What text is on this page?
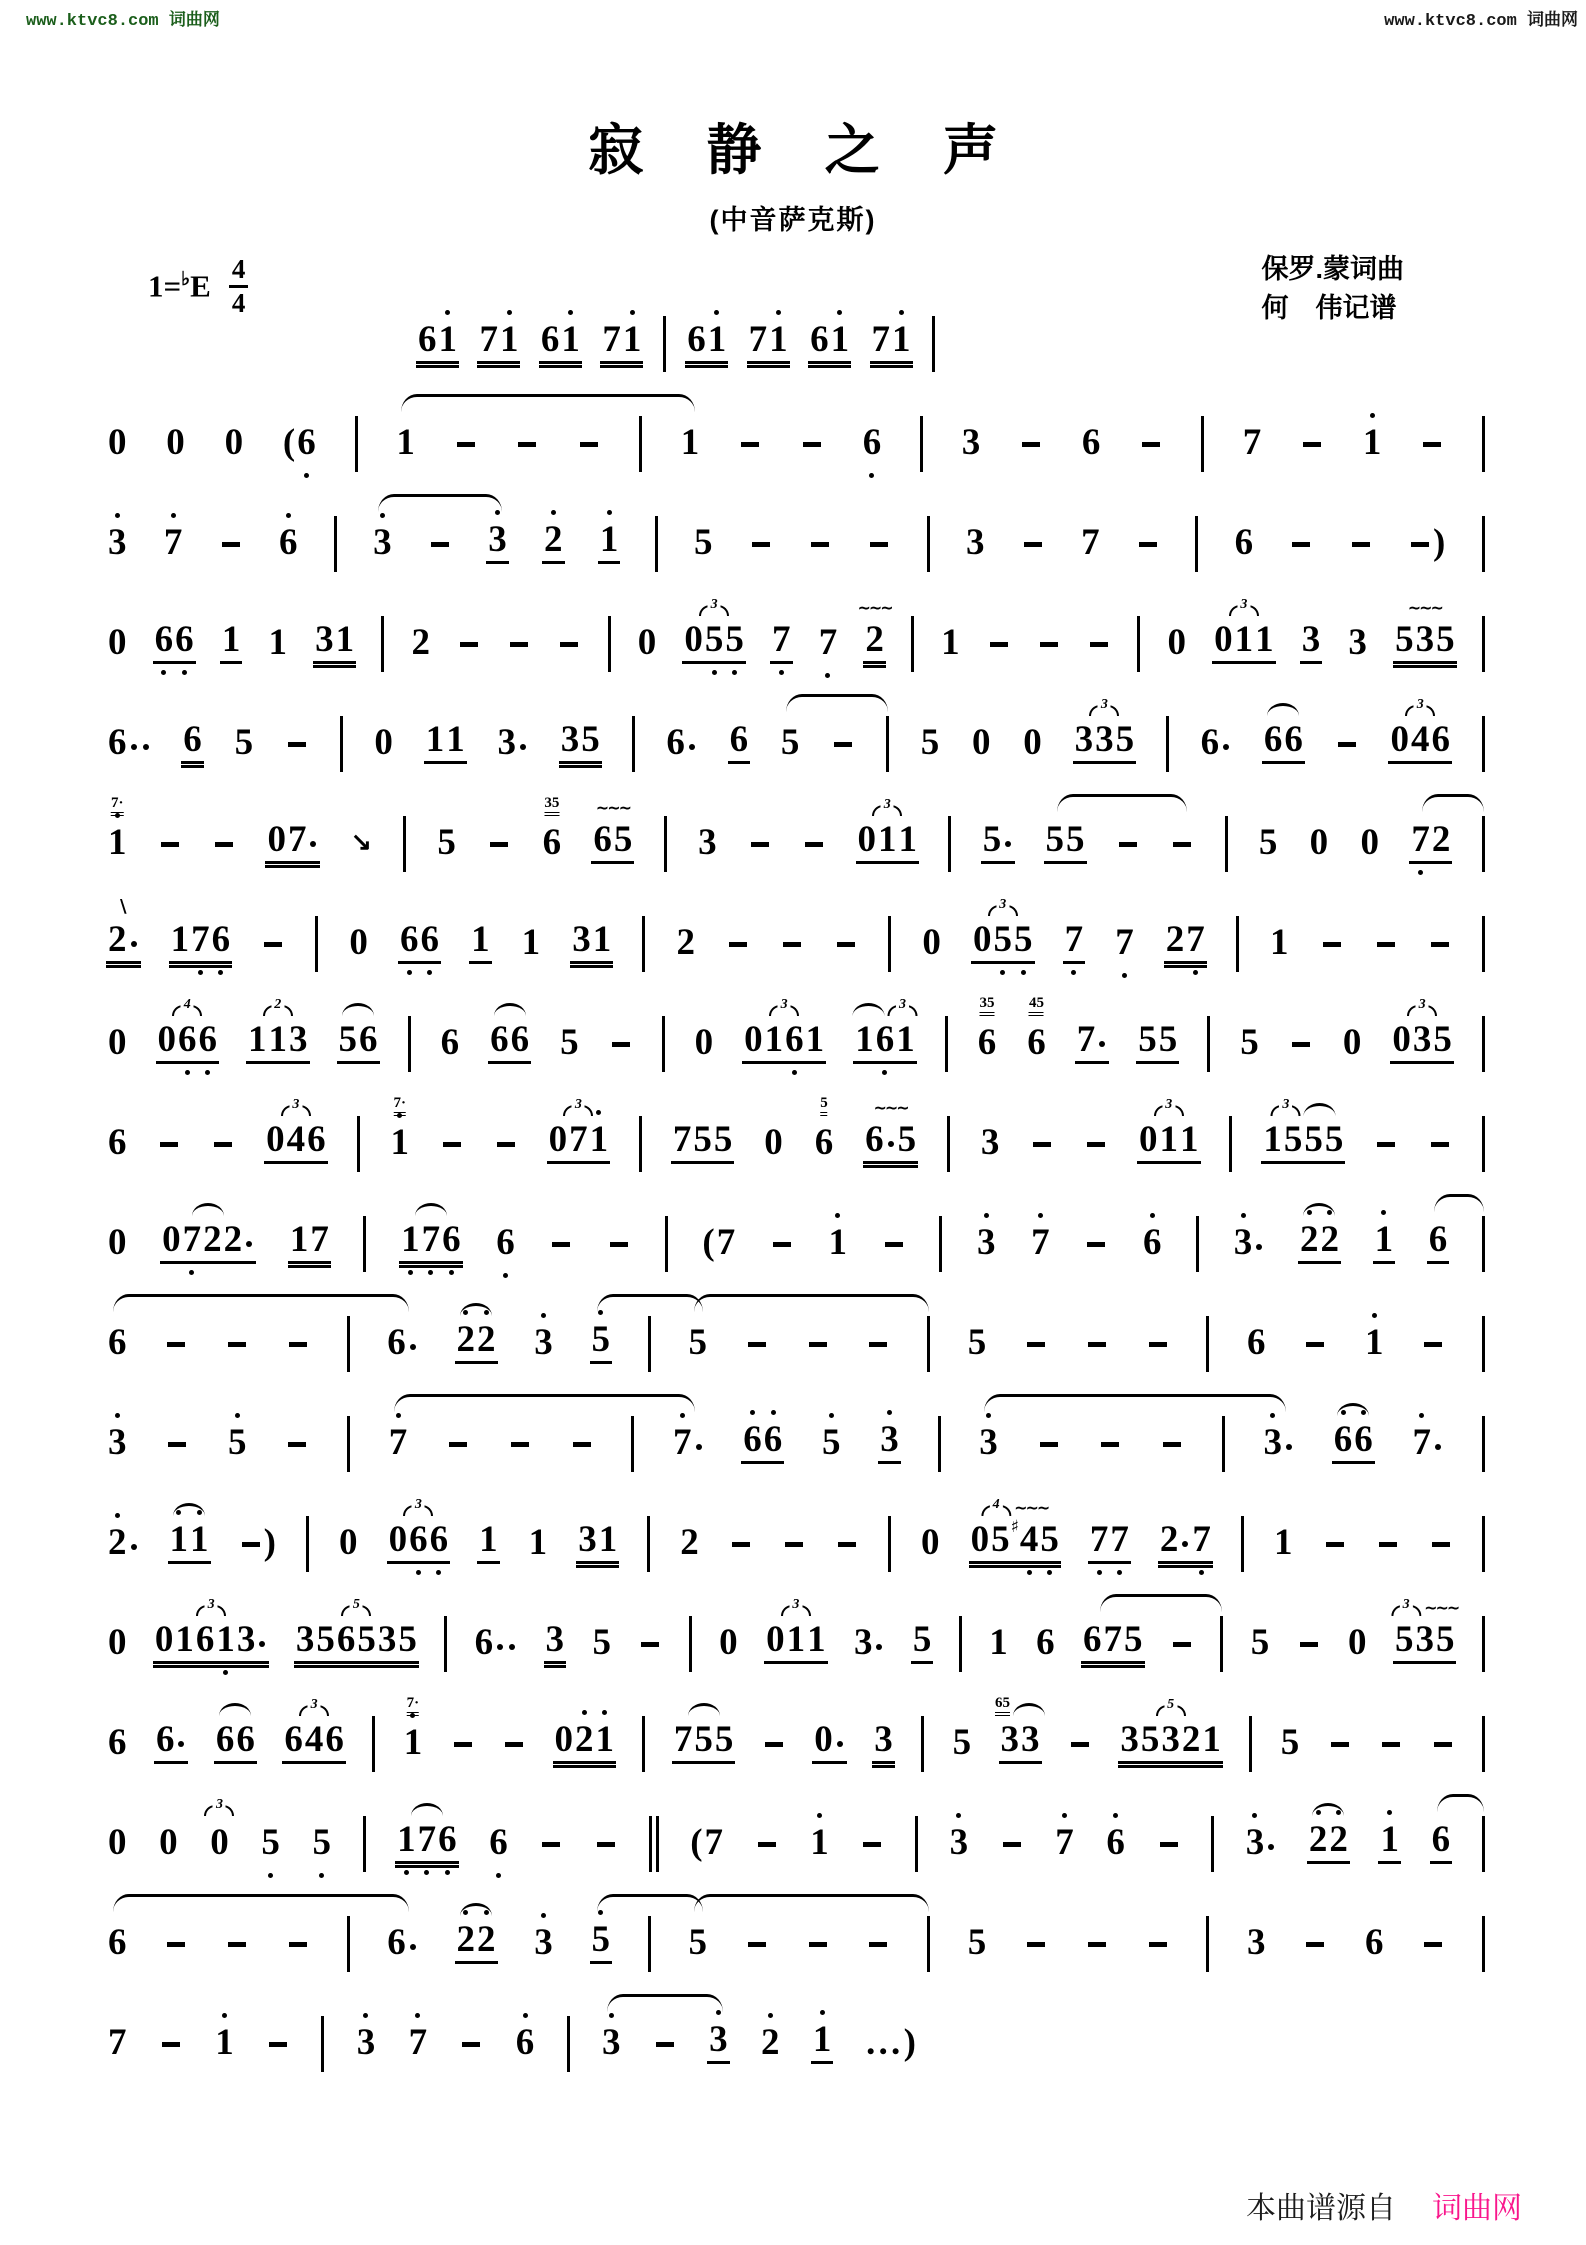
www.ktvc8.com 词曲网	www.ktvc8.com 词曲网
寂 静 之 声
(中音萨克斯)
$1=^♭E \frac{4}{4}$	保罗.蒙词曲
何　伟记谱
6 1 7 1 6 1 7 1 6 1 7 1 6 1 7 1
0 0 0 ( 6 1	1	6 3	6	7	1
3 7	6 3	3 2 1 5	3	7	6	)
0 6 6 1 1 3 1 2	0
3
0 5 5 7 7
~~~
2 1	0
3
0 1 1 3 3
~~~
5 3 5
6 6 5	0 1 1 3 3 5 6 6 5	5 0 0
3
3 3 5 6 6 6
3
0 4 6
7·
1	0 7 ↘ 5
35
6
~~~
6 5 3
3
0 1 1 5 5 5	5 0 0 7 2
\
2 1 7 6	0 6 6 1 1 3 1 2	0
3
0 5 5 7 7 2 7 1
0
4
0 6 6
2
1 1 3 5 6 6 6 6 5	0
3
0 1 6 1
3
1 6 1
35
6
45
6 7 5 5 5 0
3
0 3 5
6
3
0 4 6
7·
1
3
0 7 1 7 5 5 0
5
6
~~~
6 5 3
3
0 1 1
3
1 5 5 5
0 0 7 2 2 1 7 1 7 6 6	( 7	1	3 7	6 3 2 2 1 6
6	6 2 2 3 5 5	5	6	1
3	5	7	7 6 6 5 3 3	3 6 6 7
2 1 1 ) 0
3
0 6 6 1 1 3 1 2	0
4 ~~~
0 5 ♯ 4 5 7 7 2 7 1
0
3
0 1 6 1 3
5
3 5 6 5 3 5 6 3 5	0
3
0 1 1 3 5 1 6 6 7 5	5 0
3 ~~~
5 3 5
6 6 6 6
3
6 4 6
7·
1	0 2 1 7 5 5 0 3 5
65
3 3
5
3 5 3 2 1 5
0 0
3
0 5 5 1 7 6 6	( 7 1	3 7 6	3 2 2 1 6
6	6 2 2 3 5 5	5	3	6
7 1	3 7 6 3 3 2 1 … )
本曲谱源自 词曲网
